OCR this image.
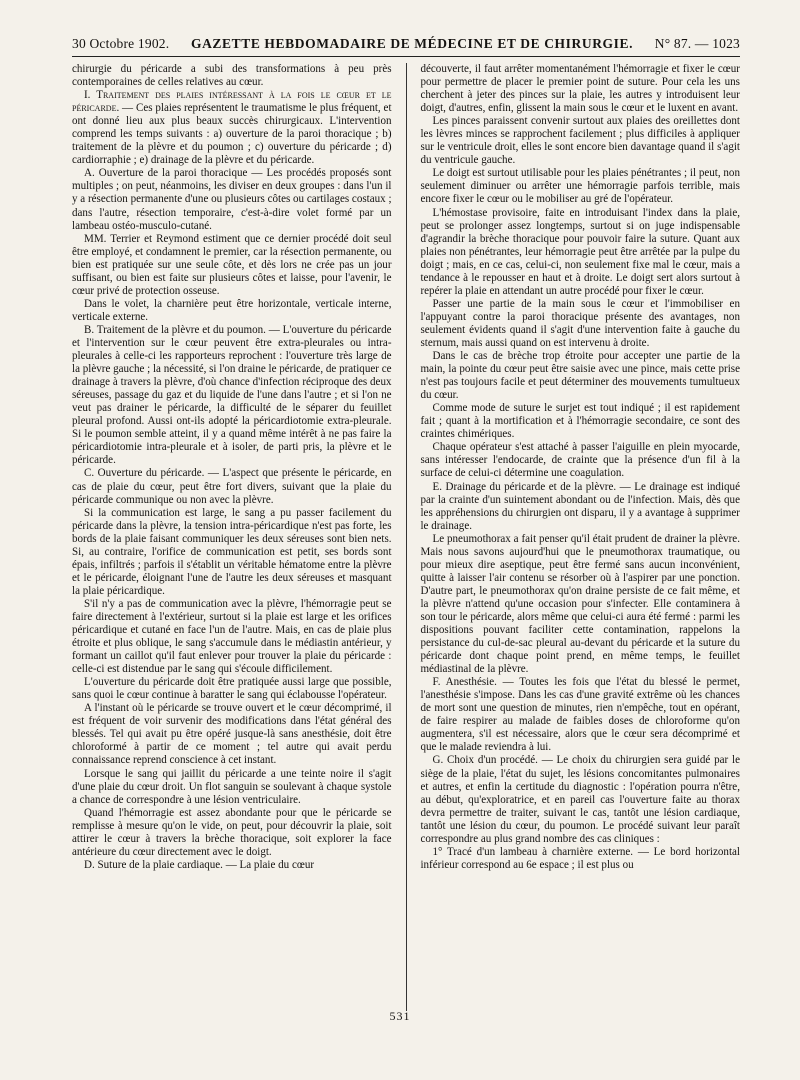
30 Octobre 1902. GAZETTE HEBDOMADAIRE DE MÉDECINE ET DE CHIRURGIE. N° 87. — 1023

chirurgie du péricarde a subi des transformations à peu près contemporaines de celles relatives au cœur.

I. Traitement des plaies intéressant à la fois le cœur et le péricarde. — Ces plaies représentent le traumatisme le plus fréquent, et ont donné lieu aux plus beaux succès chirurgicaux. L'intervention comprend les temps suivants : a) ouverture de la paroi thoracique ; b) traitement de la plèvre et du poumon ; c) ouverture du péricarde ; d) cardiorraphie ; e) drainage de la plèvre et du péricarde.

A. Ouverture de la paroi thoracique — Les procédés proposés sont multiples ; on peut, néanmoins, les diviser en deux groupes : dans l'un il y a résection permanente d'une ou plusieurs côtes ou cartilages costaux ; dans l'autre, résection temporaire, c'est-à-dire volet formé par un lambeau ostéo-musculo-cutané.

MM. Terrier et Reymond estiment que ce dernier procédé doit seul être employé, et condamnent le premier, car la résection permanente, ou bien est pratiquée sur une seule côte, et dès lors ne crée pas un jour suffisant, ou bien est faite sur plusieurs côtes et laisse, pour l'avenir, le cœur privé de protection osseuse.

Dans le volet, la charnière peut être horizontale, verticale interne, verticale externe.

B. Traitement de la plèvre et du poumon. — L'ouverture du péricarde et l'intervention sur le cœur peuvent être extra-pleurales ou intra-pleurales à celle-ci les rapporteurs reprochent : l'ouverture très large de la plèvre gauche ; la nécessité, si l'on draine le péricarde, de pratiquer ce drainage à travers la plèvre, d'où chance d'infection réciproque des deux séreuses, passage du gaz et du liquide de l'une dans l'autre ; et si l'on ne veut pas drainer le péricarde, la difficulté de le séparer du feuillet pleural profond. Aussi ont-ils adopté la péricardiotomie extra-pleurale. Si le poumon semble atteint, il y a quand même intérêt à ne pas faire la péricardiotomie intra-pleurale et à isoler, de parti pris, la plèvre et le péricarde.

C. Ouverture du péricarde. — L'aspect que présente le péricarde, en cas de plaie du cœur, peut être fort divers, suivant que la plaie du péricarde communique ou non avec la plèvre.

Si la communication est large, le sang a pu passer facilement du péricarde dans la plèvre, la tension intra-péricardique n'est pas forte, les bords de la plaie faisant communiquer les deux séreuses sont bien nets. Si, au contraire, l'orifice de communication est petit, ses bords sont épais, infiltrés ; parfois il s'établit un véritable hématome entre la plèvre et le péricarde, éloignant l'une de l'autre les deux séreuses et masquant la plaie péricardique.

S'il n'y a pas de communication avec la plèvre, l'hémorragie peut se faire directement à l'extérieur, surtout si la plaie est large et les orifices péricardique et cutané en face l'un de l'autre. Mais, en cas de plaie plus étroite et plus oblique, le sang s'accumule dans le médiastin antérieur, y formant un caillot qu'il faut enlever pour trouver la plaie du péricarde : celle-ci est distendue par le sang qui s'écoule difficilement.

L'ouverture du péricarde doit être pratiquée aussi large que possible, sans quoi le cœur continue à baratter le sang qui éclabousse l'opérateur.

A l'instant où le péricarde se trouve ouvert et le cœur décomprimé, il est fréquent de voir survenir des modifications dans l'état général des blessés. Tel qui avait pu être opéré jusque-là sans anesthésie, doit être chloroformé à partir de ce moment ; tel autre qui avait perdu connaissance reprend conscience à cet instant.

Lorsque le sang qui jaillit du péricarde a une teinte noire il s'agit d'une plaie du cœur droit. Un flot sanguin se soulevant à chaque systole a chance de correspondre à une lésion ventriculaire.

Quand l'hémorragie est assez abondante pour que le péricarde se remplisse à mesure qu'on le vide, on peut, pour découvrir la plaie, soit attirer le cœur à travers la brèche thoracique, soit explorer la face antérieure du cœur directement avec le doigt.

D. Suture de la plaie cardiaque. — La plaie du cœur

découverte, il faut arrêter momentanément l'hémorragie et fixer le cœur pour permettre de placer le premier point de suture. Pour cela les uns cherchent à jeter des pinces sur la plaie, les autres y introduisent leur doigt, d'autres, enfin, glissent la main sous le cœur et le luxent en avant.

Les pinces paraissent convenir surtout aux plaies des oreillettes dont les lèvres minces se rapprochent facilement ; plus difficiles à appliquer sur le ventricule droit, elles le sont encore bien davantage quand il s'agit du ventricule gauche.

Le doigt est surtout utilisable pour les plaies pénétrantes ; il peut, non seulement diminuer ou arrêter une hémorragie parfois terrible, mais encore fixer le cœur ou le mobiliser au gré de l'opérateur.

L'hémostase provisoire, faite en introduisant l'index dans la plaie, peut se prolonger assez longtemps, surtout si on juge indispensable d'agrandir la brèche thoracique pour pouvoir faire la suture. Quant aux plaies non pénétrantes, leur hémorragie peut être arrêtée par la pulpe du doigt ; mais, en ce cas, celui-ci, non seulement fixe mal le cœur, mais a tendance à le repousser en haut et à droite. Le doigt sert alors surtout à repérer la plaie en attendant un autre procédé pour fixer le cœur.

Passer une partie de la main sous le cœur et l'immobiliser en l'appuyant contre la paroi thoracique présente des avantages, non seulement évidents quand il s'agit d'une intervention faite à gauche du sternum, mais aussi quand on est intervenu à droite.

Dans le cas de brèche trop étroite pour accepter une partie de la main, la pointe du cœur peut être saisie avec une pince, mais cette prise n'est pas toujours facile et peut déterminer des mouvements tumultueux du cœur.

Comme mode de suture le surjet est tout indiqué ; il est rapidement fait ; quant à la mortification et à l'hémorragie secondaire, ce sont des craintes chimériques.

Chaque opérateur s'est attaché à passer l'aiguille en plein myocarde, sans intéresser l'endocarde, de crainte que la présence d'un fil à la surface de celui-ci détermine une coagulation.

E. Drainage du péricarde et de la plèvre. — Le drainage est indiqué par la crainte d'un suintement abondant ou de l'infection. Mais, dès que les appréhensions du chirurgien ont disparu, il y a avantage à supprimer le drainage.

Le pneumothorax a fait penser qu'il était prudent de drainer la plèvre. Mais nous savons aujourd'hui que le pneumothorax traumatique, ou pour mieux dire aseptique, peut être fermé sans aucun inconvénient, quitte à laisser l'air contenu se résorber où à l'aspirer par une ponction. D'autre part, le pneumothorax qu'on draine persiste de ce fait même, et la plèvre n'attend qu'une occasion pour s'infecter. Elle contaminera à son tour le péricarde, alors même que celui-ci aura été fermé : parmi les dispositions pouvant faciliter cette contamination, rappelons la persistance du cul-de-sac pleural au-devant du péricarde et la suture du péricarde dont chaque point prend, en même temps, le feuillet médiastinal de la plèvre.

F. Anesthésie. — Toutes les fois que l'état du blessé le permet, l'anesthésie s'impose. Dans les cas d'une gravité extrême où les chances de mort sont une question de minutes, rien n'empêche, tout en opérant, de faire respirer au malade de faibles doses de chloroforme qu'on augmentera, s'il est nécessaire, alors que le cœur sera décomprimé et que le malade reviendra à lui.

G. Choix d'un procédé. — Le choix du chirurgien sera guidé par le siège de la plaie, l'état du sujet, les lésions concomitantes pulmonaires et autres, et enfin la certitude du diagnostic : l'opération pourra n'être, au début, qu'exploratrice, et en pareil cas l'ouverture faite au thorax devra permettre de traiter, suivant le cas, tantôt une lésion cardiaque, tantôt une lésion du cœur, du poumon. Le procédé suivant leur paraît correspondre au plus grand nombre des cas cliniques :

1° Tracé d'un lambeau à charnière externe. — Le bord horizontal inférieur correspond au 6e espace ; il est plus ou

531
